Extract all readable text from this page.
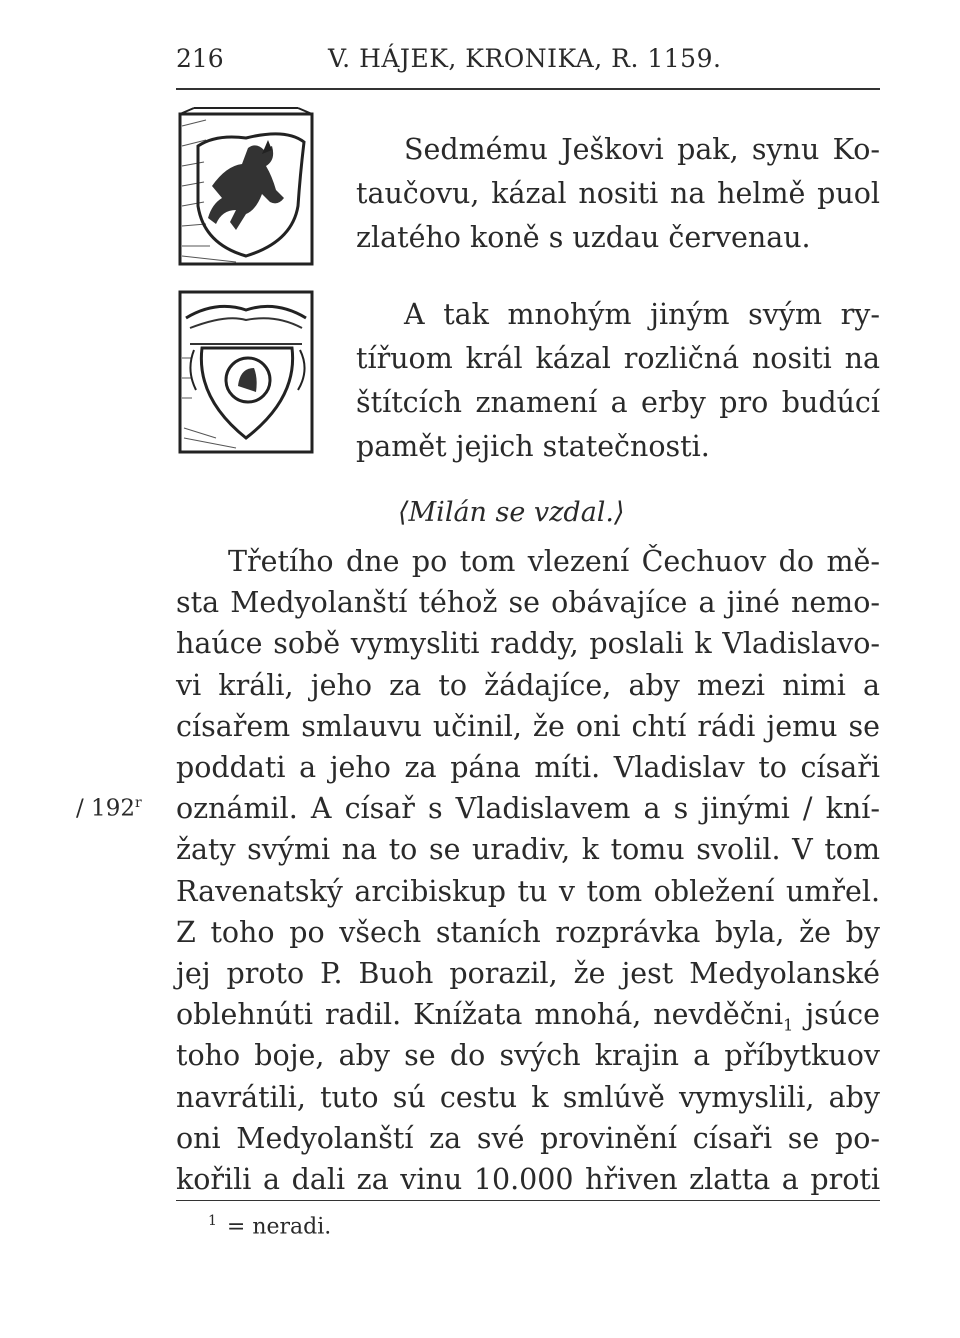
216	V. HÁJEK, KRONIKA, R. 1159.
Sedmému Ješkovi pak, synu Ko-
taučovu, kázal nositi na helmě puol
zlatého koně s uzdau červenau.
A tak mnohým jiným svým ry-
tířuom král kázal rozličná nositi na
štítcích znamení a erby pro budúcí
pamět jejich statečnosti.
⟨Milán se vzdal.⟩
/ 192$^r$
Třetího dne po tom vlezení Čechuov do mě-
sta Medyolanští téhož se obávajíce a jiné nemo-
haúce sobě vymysliti raddy, poslali k Vladislavo-
vi králi, jeho za to žádajíce, aby mezi nimi a
císařem smlauvu učinil, že oni chtí rádi jemu se
poddati a jeho za pána míti. Vladislav to císaři
oznámil. A císař s Vladislavem a s jinými / kní-
žaty svými na to se uradiv, k tomu svolil. V tom
Ravenatský arcibiskup tu v tom obležení umřel.
Z toho po všech staních rozprávka byla, že by
jej proto P. Buoh porazil, že jest Medyolanské
oblehnúti radil. Knížata mnohá, nevděčni$_1$ jsúce
toho boje, aby se do svých krajin a příbytkuov
navrátili, tuto sú cestu k smlúvě vymyslili, aby
oni Medyolanští za své provinění císaři se po-
kořili a dali za vinu 10.000 hřiven zlatta a proti
$^1$ = neradi.
